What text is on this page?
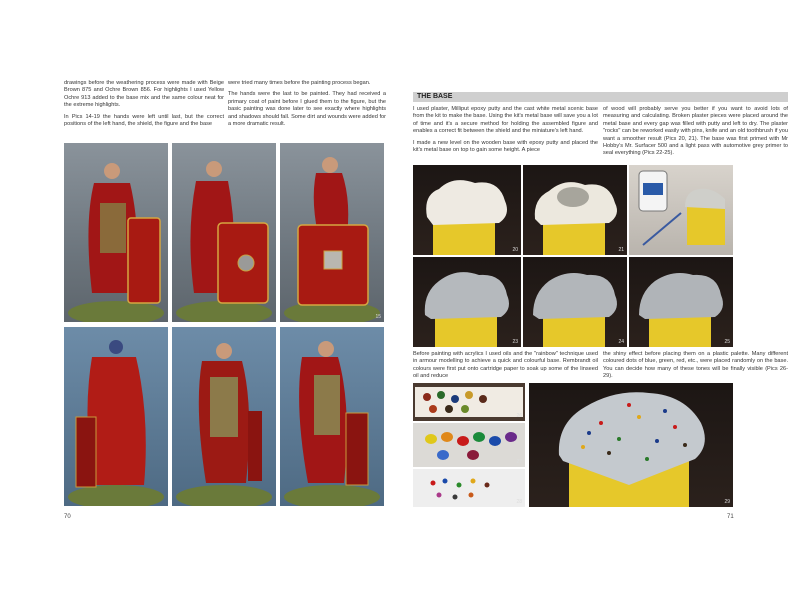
drawings before the weathering process were made with Beige Brown 875 and Ochre Brown 856. For highlights I used Yellow Ochre 913 added to the base mix and the same colour neat for the extreme highlights.

In Pics 14-19 the hands were left until last, but the correct positions of the left hand, the shield, the figure and the base

were tried many times before the painting process began.

The hands were the last to be painted. They had received a primary coat of paint before I glued them to the figure, but the basic painting was done later to see exactly where highlights and shadows should fall. Some dirt and wounds were added for a more dramatic result.

15
70	71
THE BASE

I used plaster, Milliput epoxy putty and the cast white metal scenic base from the kit to make the base. Using the kit's metal base will save you a lot of time and it's a secure method for holding the assembled figure and enables a correct fit between the shield and the miniature's left hand.

I made a new level on the wooden base with epoxy putty and placed the kit's metal base on top to gain some height. A piece

of wood will probably serve you better if you want to avoid lots of measuring and calculating. Broken plaster pieces were placed around the metal base and every gap was filled with putty and left to dry. The plaster "rocks" can be reworked easily with pins, knife and an old toothbrush if you want a smoother result (Pics 20, 21). The base was first primed with Mr Hobby's Mr. Surfacer 500 and a light pass with automotive grey primer to seal everything (Pics 22-25).

20	21
23	24	25

Before painting with acrylics I used oils and the "rainbow" technique used in armour modelling to achieve a quick and colourful base. Rembrandt oil colours were first put onto cartridge paper to soak up some of the linseed oil and reduce

the shiny effect before placing them on a plastic palette. Many different coloured dots of blue, green, red, etc., were placed randomly on the base. You can decide how many of these tones will be finally visible (Pics 26-29).

26
27
28	29
